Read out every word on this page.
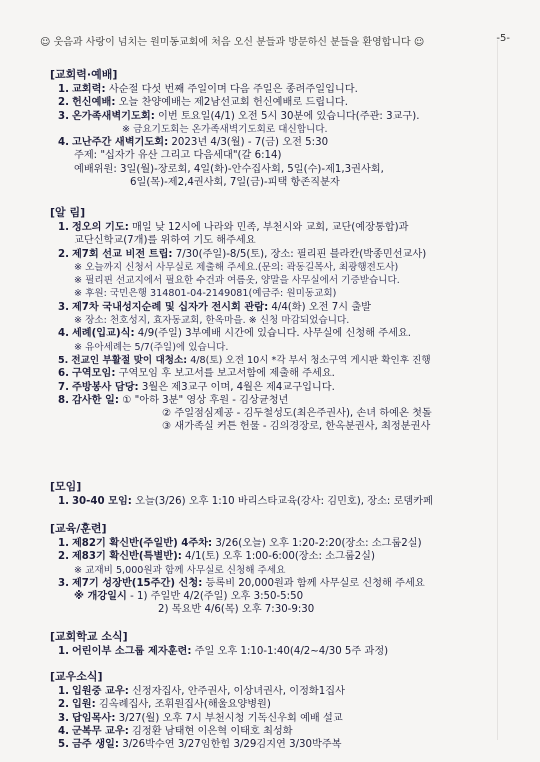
☺ 웃음과 사랑이 넘치는 원미동교회에 처음 오신 분들과 방문하신 분들을 환영합니다 ☺	-5-
[교회력·예배]
1. 교회력: 사순절 다섯 번째 주일이며 다음 주일은 종려주일입니다.
2. 헌신예배: 오늘 찬양예배는 제2남선교회 헌신예배로 드립니다.
3. 온가족새벽기도회: 이번 토요일(4/1) 오전 5시 30분에 있습니다(주관: 3교구).
※ 금요기도회는 온가족새벽기도회로 대신합니다.
4. 고난주간 새벽기도회: 2023년 4/3(월) - 7(금) 오전 5:30
주제: "십자가 유산 그리고 다음세대"(갈 6:14)
예배위원: 3일(월)-장로회, 4일(화)-안수집사회, 5일(수)-제1,3권사회,
6일(목)-제2,4권사회, 7일(금)-피택 항존직분자
[알 림]
1. 정오의 기도: 매일 낮 12시에 나라와 민족, 부천시와 교회, 교단(예장통합)과
교단신학교(7개)를 위하여 기도 해주세요
2. 제7회 선교 비전 트립: 7/30(주일)-8/5(토), 장소: 필리핀 블라칸(박종민선교사)
※ 오늘까지 신청서 사무실로 제출해 주세요.(문의: 곽동길목사, 최광행전도사)
※ 필리핀 선교지에서 필요한 수건과 여름옷, 양말을 사무실에서 기증받습니다.
※ 후원: 국민은행 314801-04-2149081(예금주: 원미동교회)
3. 제7차 국내성지순례 및 십자가 전시회 관람: 4/4(화) 오전 7시 출발
※ 장소: 천호성지, 효자동교회, 한옥마을. ※ 신청 마감되었습니다.
4. 세례(입교)식: 4/9(주일) 3부예배 시간에 있습니다. 사무실에 신청해 주세요.
※ 유아세례는 5/7(주일)에 있습니다.
5. 전교인 부활절 맞이 대청소: 4/8(토) 오전 10시 *각 부서 청소구역 게시판 확인후 진행
6. 구역모임: 구역모임 후 보고서를 보고서함에 제출해 주세요.
7. 주방봉사 담당: 3월은 제3교구 이며, 4월은 제4교구입니다.
8. 감사한 일: ① "아하 3분" 영상 후원 - 김상균청년
② 주일점심제공 - 김두철성도(최은주권사), 손녀 하예온 첫돌
③ 새가족실 커튼 헌물 - 김의경장로, 한옥분권사, 최정분권사
[모임]
1. 30-40 모임: 오늘(3/26) 오후 1:10 바리스타교육(강사: 김민호), 장소: 로뎀카페
[교육/훈련]
1. 제82기 확신반(주일반) 4주차: 3/26(오늘) 오후 1:20-2:20(장소: 소그룹2실)
2. 제83기 확신반(특별반): 4/1(토) 오후 1:00-6:00(장소: 소그룹2실)
※ 교재비 5,000원과 함께 사무실로 신청해 주세요
3. 제7기 성장반(15주간) 신청: 등록비 20,000원과 함께 사무실로 신청해 주세요
※ 개강일시 - 1) 주일반 4/2(주일) 오후 3:50-5:50
2) 목요반 4/6(목) 오후 7:30-9:30
[교회학교 소식]
1. 어린이부 소그룹 제자훈련: 주일 오후 1:10-1:40(4/2~4/30 5주 과정)
[교우소식]
1. 입원중 교우: 신정자집사, 안주권사, 이상녀권사, 이정화1집사
2. 입원: 김옥례집사, 조휘원집사(해울요양병원)
3. 답임목사: 3/27(월) 오후 7시 부천시청 기독신우회 예배 설교
4. 군복무 교우: 김정환 남태현 이은혁 이태호 최성화
5. 금주 생일: 3/26박수연 3/27임한힘 3/29김지연 3/30박주복
